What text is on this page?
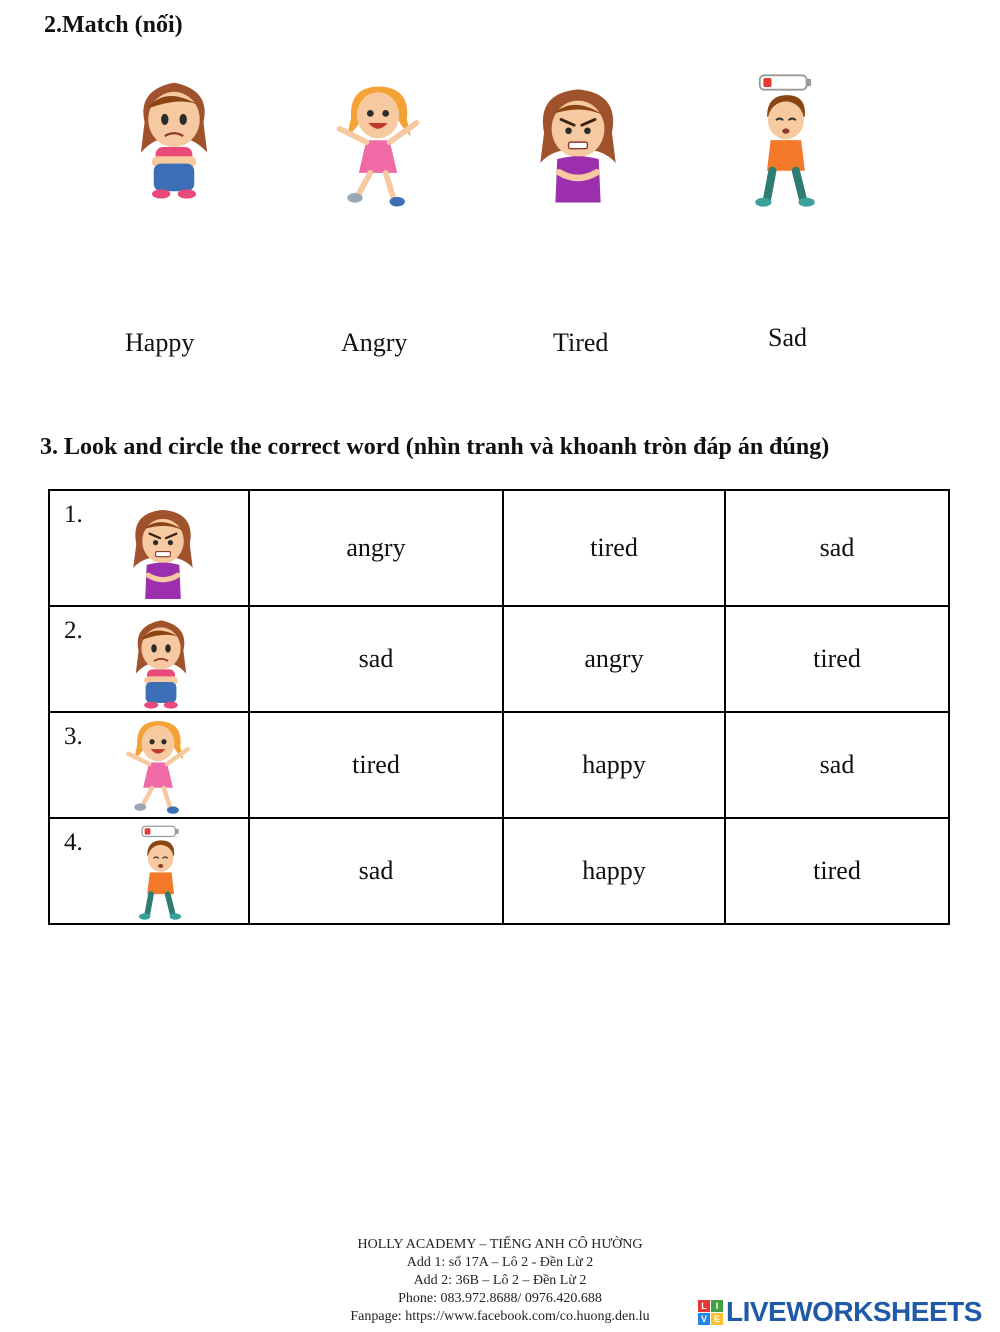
2.Match (nối)
Happy	Angry	Tired	Sad
3. Look and circle the correct word (nhìn tranh và khoanh tròn đáp án đúng)
1.	angry	tired	sad

2.	sad	angry	tired

3.	tired	happy	sad

4.	sad	happy	tired
HOLLY ACADEMY – TIẾNG ANH CÔ HƯỜNG
Add 1: số 17A – Lô 2 - Đền Lừ 2
Add 2: 36B – Lô 2 – Đền Lừ 2
Phone: 083.972.8688/ 0976.420.688
Fanpage: https://www.facebook.com/co.huong.den.lu
L I
V E LIVEWORKSHEETS
